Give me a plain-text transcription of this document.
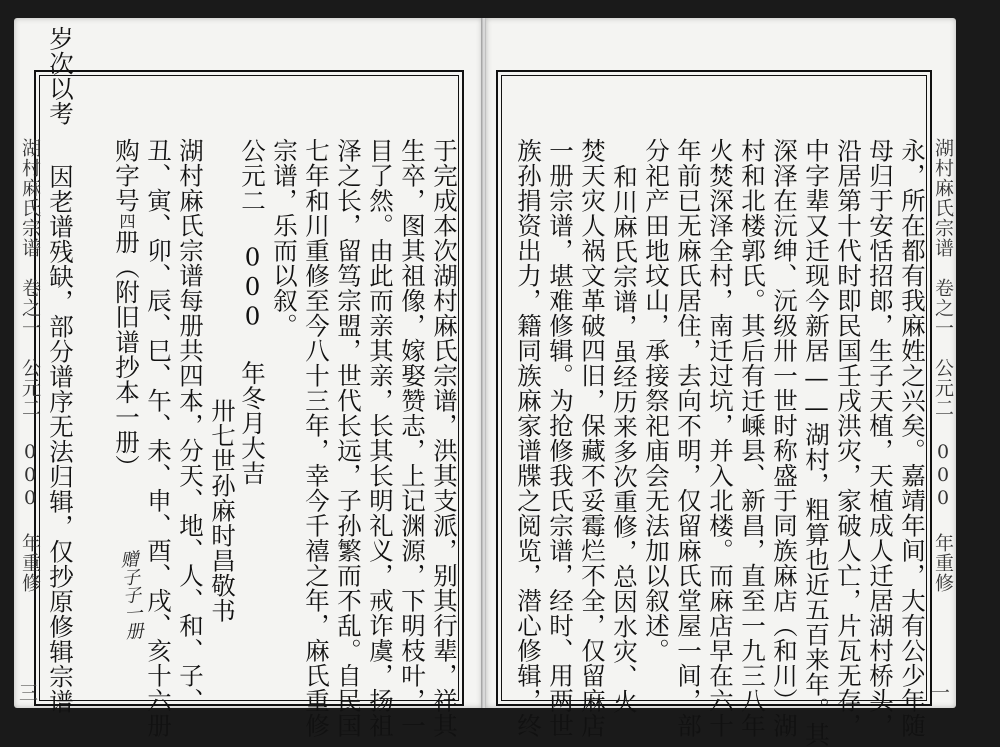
于完成本次湖村麻氏宗谱，洪其支派，别其行辈，祥其
生卒，图其祖像，嫁娶赞志，上记渊源，下明枝叶，一
目了然。由此而亲其亲，长其长明礼义，戒诈虞，扬祖
泽之长，留笃宗盟，世代长远，子孙繁而不乱。自民国
七年和川重修至今八十三年，幸今千禧之年，麻氏重修
宗谱，乐而以叙。
公元二 000 年冬月大吉
卅七世孙麻时昌敬书
湖村麻氏宗谱每册共四本，分天、地、人、和、子、
丑、寅、卯、辰、巳、午、未、申、酉、戌、亥十六册
购字号四册（附旧谱抄本一册）
因老谱残缺，部分谱序无法归辑，仅抄原修辑宗谱
岁次以考
湖村麻氏宗谱　卷之一　公元二 000 年重修
三
赠子子一册	永，所在都有我麻姓之兴矣。嘉靖年间，大有公少年随
母归于安恬招郎，生子天植，天植成人迁居湖村桥头，
沿居第十代时即民国壬戌洪灾，家破人亡，片瓦无存，
中字辈又迁现今新居——湖村，粗算也近五百来年。其
深泽在沅绅、沅级卅一世时称盛于同族麻店（和川）湖
村和北楼郭氏。其后有迁嵊县、新昌，直至一九三八年
火焚深泽全村，南迁过坑，并入北楼。而麻店早在六十
年前已无麻氏居住，去向不明，仅留麻氏堂屋一间，部
分祀产田地坟山，承接祭祀庙会无法加以叙述。
和川麻氏宗谱，虽经历来多次重修，总因水灾、火
焚天灾人祸文革破四旧，保藏不妥霉烂不全，仅留麻店
一册宗谱，堪难修辑。为抢修我氏宗谱，经时、用两世
族孙捐资出力，籍同族麻家谱牒之阅览，潜心修辑，终	湖村麻氏宗谱　卷之一　公元二 000 年重修
一
